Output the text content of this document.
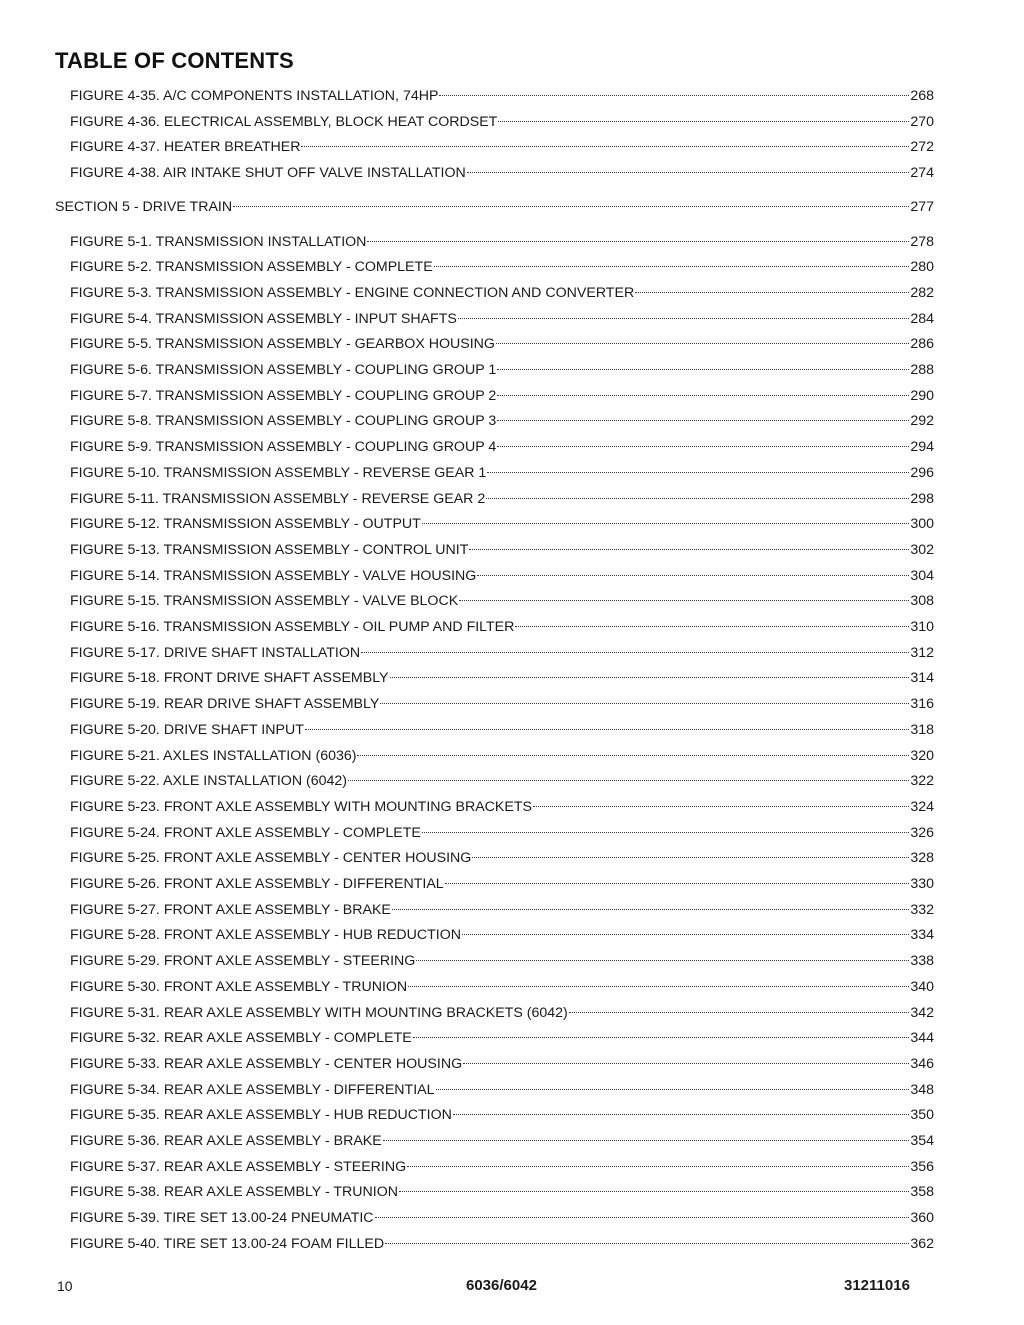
TABLE OF CONTENTS
FIGURE 4-35. A/C COMPONENTS INSTALLATION, 74HP	268
FIGURE 4-36. ELECTRICAL ASSEMBLY, BLOCK HEAT CORDSET	270
FIGURE 4-37. HEATER BREATHER	272
FIGURE 4-38. AIR INTAKE SHUT OFF VALVE INSTALLATION	274
SECTION 5 - DRIVE TRAIN	277
FIGURE 5-1. TRANSMISSION INSTALLATION	278
FIGURE 5-2. TRANSMISSION ASSEMBLY - COMPLETE	280
FIGURE 5-3. TRANSMISSION ASSEMBLY - ENGINE CONNECTION AND CONVERTER	282
FIGURE 5-4. TRANSMISSION ASSEMBLY - INPUT SHAFTS	284
FIGURE 5-5. TRANSMISSION ASSEMBLY - GEARBOX HOUSING	286
FIGURE 5-6. TRANSMISSION ASSEMBLY - COUPLING GROUP 1	288
FIGURE 5-7. TRANSMISSION ASSEMBLY - COUPLING GROUP 2	290
FIGURE 5-8. TRANSMISSION ASSEMBLY - COUPLING GROUP 3	292
FIGURE 5-9. TRANSMISSION ASSEMBLY - COUPLING GROUP 4	294
FIGURE 5-10. TRANSMISSION ASSEMBLY - REVERSE GEAR 1	296
FIGURE 5-11. TRANSMISSION ASSEMBLY - REVERSE GEAR 2	298
FIGURE 5-12. TRANSMISSION ASSEMBLY - OUTPUT	300
FIGURE 5-13. TRANSMISSION ASSEMBLY - CONTROL UNIT	302
FIGURE 5-14. TRANSMISSION ASSEMBLY - VALVE HOUSING	304
FIGURE 5-15. TRANSMISSION ASSEMBLY - VALVE BLOCK	308
FIGURE 5-16. TRANSMISSION ASSEMBLY - OIL PUMP AND FILTER	310
FIGURE 5-17. DRIVE SHAFT INSTALLATION	312
FIGURE 5-18. FRONT DRIVE SHAFT ASSEMBLY	314
FIGURE 5-19. REAR DRIVE SHAFT ASSEMBLY	316
FIGURE 5-20. DRIVE SHAFT INPUT	318
FIGURE 5-21. AXLES INSTALLATION (6036)	320
FIGURE 5-22. AXLE INSTALLATION (6042)	322
FIGURE 5-23. FRONT AXLE ASSEMBLY WITH MOUNTING BRACKETS	324
FIGURE 5-24. FRONT AXLE ASSEMBLY - COMPLETE	326
FIGURE 5-25. FRONT AXLE ASSEMBLY - CENTER HOUSING	328
FIGURE 5-26. FRONT AXLE ASSEMBLY - DIFFERENTIAL	330
FIGURE 5-27. FRONT AXLE ASSEMBLY - BRAKE	332
FIGURE 5-28. FRONT AXLE ASSEMBLY - HUB REDUCTION	334
FIGURE 5-29. FRONT AXLE ASSEMBLY - STEERING	338
FIGURE 5-30. FRONT AXLE ASSEMBLY - TRUNION	340
FIGURE 5-31. REAR AXLE ASSEMBLY WITH MOUNTING BRACKETS (6042)	342
FIGURE 5-32. REAR AXLE ASSEMBLY - COMPLETE	344
FIGURE 5-33. REAR AXLE ASSEMBLY - CENTER HOUSING	346
FIGURE 5-34. REAR AXLE ASSEMBLY - DIFFERENTIAL	348
FIGURE 5-35. REAR AXLE ASSEMBLY - HUB REDUCTION	350
FIGURE 5-36. REAR AXLE ASSEMBLY - BRAKE	354
FIGURE 5-37. REAR AXLE ASSEMBLY - STEERING	356
FIGURE 5-38. REAR AXLE ASSEMBLY - TRUNION	358
FIGURE 5-39. TIRE SET 13.00-24 PNEUMATIC	360
FIGURE 5-40. TIRE SET 13.00-24 FOAM FILLED	362
10	6036/6042	31211016
